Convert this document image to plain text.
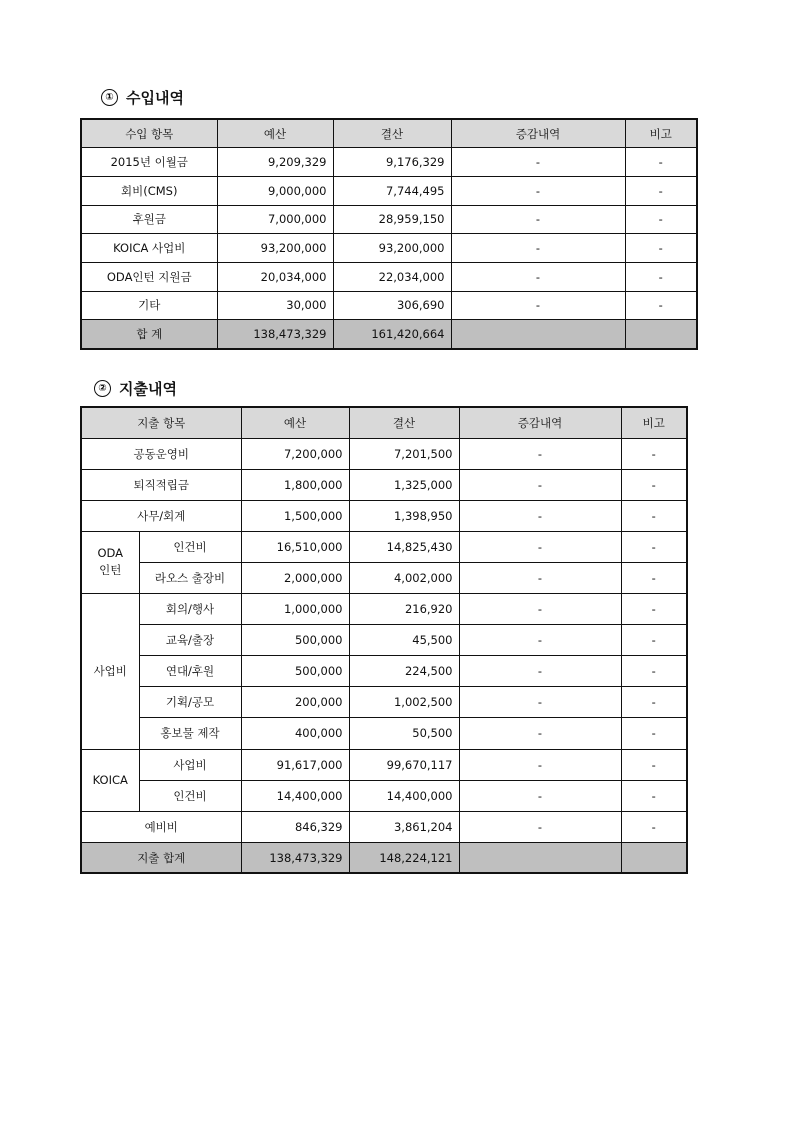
① 수입내역
수입 항목	예산	결산	증감내역	비고
2015년 이월금	9,209,329	9,176,329	-	-
회비(CMS)	9,000,000	7,744,495	-	-
후원금	7,000,000	28,959,150	-	-
KOICA 사업비	93,200,000	93,200,000	-	-
ODA인턴 지원금	20,034,000	22,034,000	-	-
기타	30,000	306,690	-	-
합 계	138,473,329	161,420,664		
② 지출내역
지출 항목		예산	결산	증감내역	비고
공동운영비		7,200,000	7,201,500	-	-
퇴직적립금		1,800,000	1,325,000	-	-
사무/회계		1,500,000	1,398,950	-	-
ODA
인턴	인건비	16,510,000	14,825,430	-	-
	라오스 출장비	2,000,000	4,002,000	-	-
사업비	회의/행사	1,000,000	216,920	-	-
	교육/출장	500,000	45,500	-	-
	연대/후원	500,000	224,500	-	-
	기획/공모	200,000	1,002,500	-	-
	홍보물 제작	400,000	50,500	-	-
KOICA	사업비	91,617,000	99,670,117	-	-
	인건비	14,400,000	14,400,000	-	-
예비비		846,329	3,861,204	-	-
지출 합계		138,473,329	148,224,121		
